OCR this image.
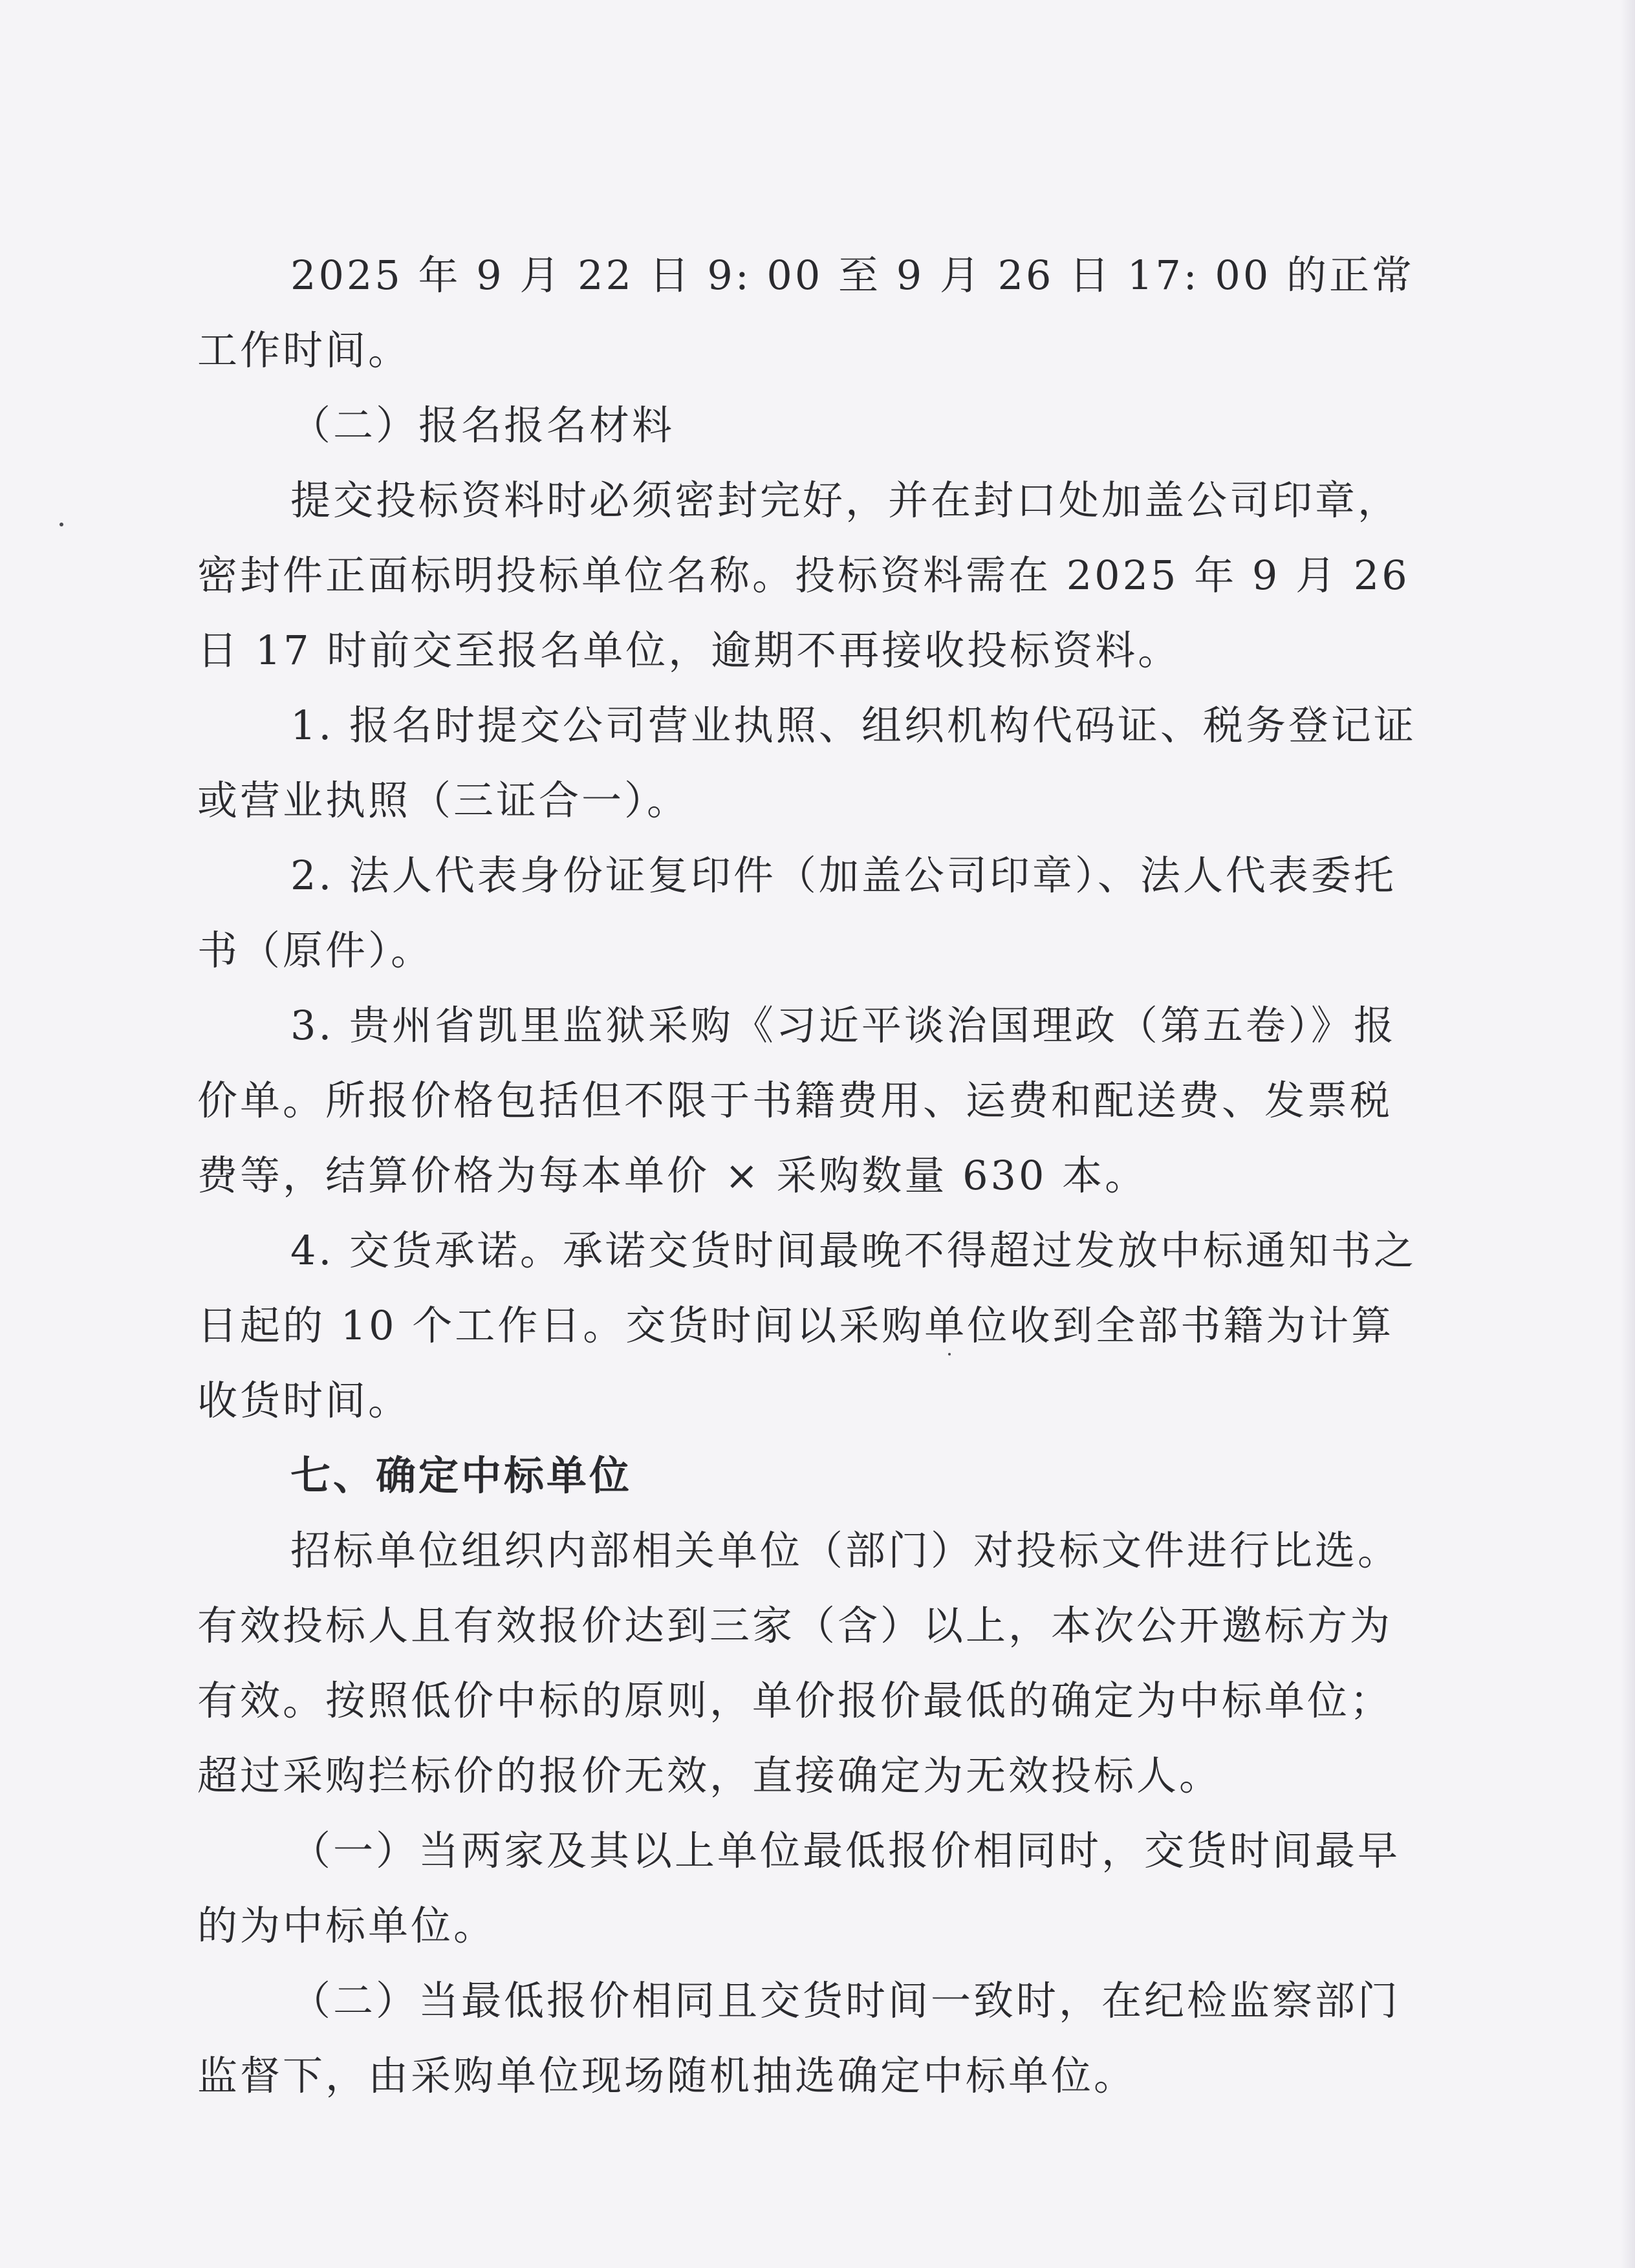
2025 年 9 月 22 日 9: 00 至 9 月 26 日 17: 00 的正常工作时间。

（二）报名报名材料

提交投标资料时必须密封完好，并在封口处加盖公司印章，密封件正面标明投标单位名称。投标资料需在 2025 年 9 月 26 日 17 时前交至报名单位，逾期不再接收投标资料。

1. 报名时提交公司营业执照、组织机构代码证、税务登记证或营业执照（三证合一）。

2. 法人代表身份证复印件（加盖公司印章）、法人代表委托书（原件）。

3. 贵州省凯里监狱采购《习近平谈治国理政（第五卷）》报价单。所报价格包括但不限于书籍费用、运费和配送费、发票税费等，结算价格为每本单价 × 采购数量 630 本。

4. 交货承诺。承诺交货时间最晚不得超过发放中标通知书之日起的 10 个工作日。交货时间以采购单位收到全部书籍为计算收货时间。

七、确定中标单位

招标单位组织内部相关单位（部门）对投标文件进行比选。有效投标人且有效报价达到三家（含）以上，本次公开邀标方为有效。按照低价中标的原则，单价报价最低的确定为中标单位；超过采购拦标价的报价无效，直接确定为无效投标人。

（一）当两家及其以上单位最低报价相同时，交货时间最早的为中标单位。

（二）当最低报价相同且交货时间一致时，在纪检监察部门监督下，由采购单位现场随机抽选确定中标单位。
